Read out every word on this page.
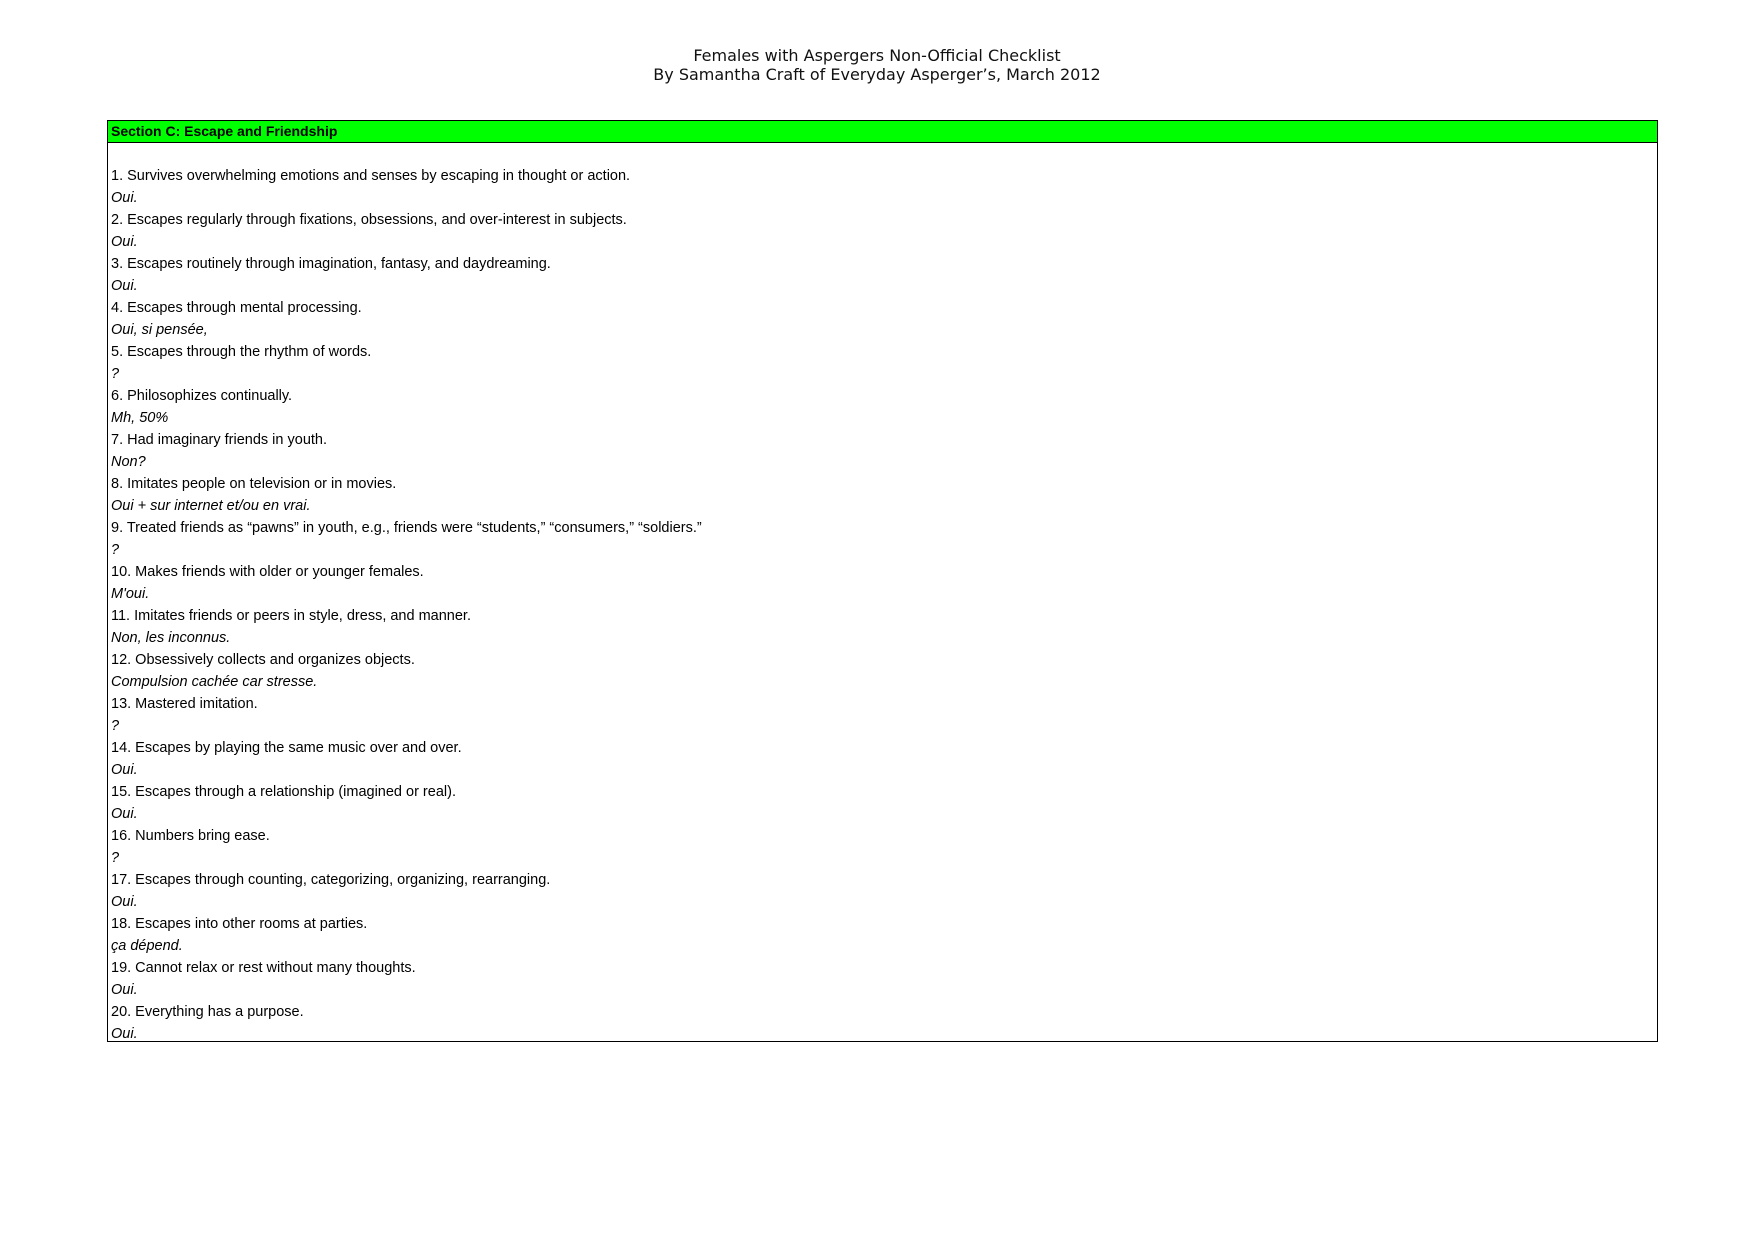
Females with Aspergers Non-Official Checklist
By Samantha Craft of Everyday Asperger’s, March 2012
Section C: Escape and Friendship
1. Survives overwhelming emotions and senses by escaping in thought or action.
Oui.
2. Escapes regularly through fixations, obsessions, and over-interest in subjects.
Oui.
3. Escapes routinely through imagination, fantasy, and daydreaming.
Oui.
4. Escapes through mental processing.
Oui, si pensée,
5. Escapes through the rhythm of words.
?
6. Philosophizes continually.
Mh, 50%
7. Had imaginary friends in youth.
Non?
8. Imitates people on television or in movies.
Oui + sur internet et/ou en vrai.
9. Treated friends as “pawns” in youth, e.g., friends were “students,” “consumers,” “soldiers.”
?
10. Makes friends with older or younger females.
M'oui.
11. Imitates friends or peers in style, dress, and manner.
Non, les inconnus.
12. Obsessively collects and organizes objects.
Compulsion cachée car stresse.
13. Mastered imitation.
?
14. Escapes by playing the same music over and over.
Oui.
15. Escapes through a relationship (imagined or real).
Oui.
16. Numbers bring ease.
?
17. Escapes through counting, categorizing, organizing, rearranging.
Oui.
18. Escapes into other rooms at parties.
ça dépend.
19. Cannot relax or rest without many thoughts.
Oui.
20. Everything has a purpose.
Oui.
